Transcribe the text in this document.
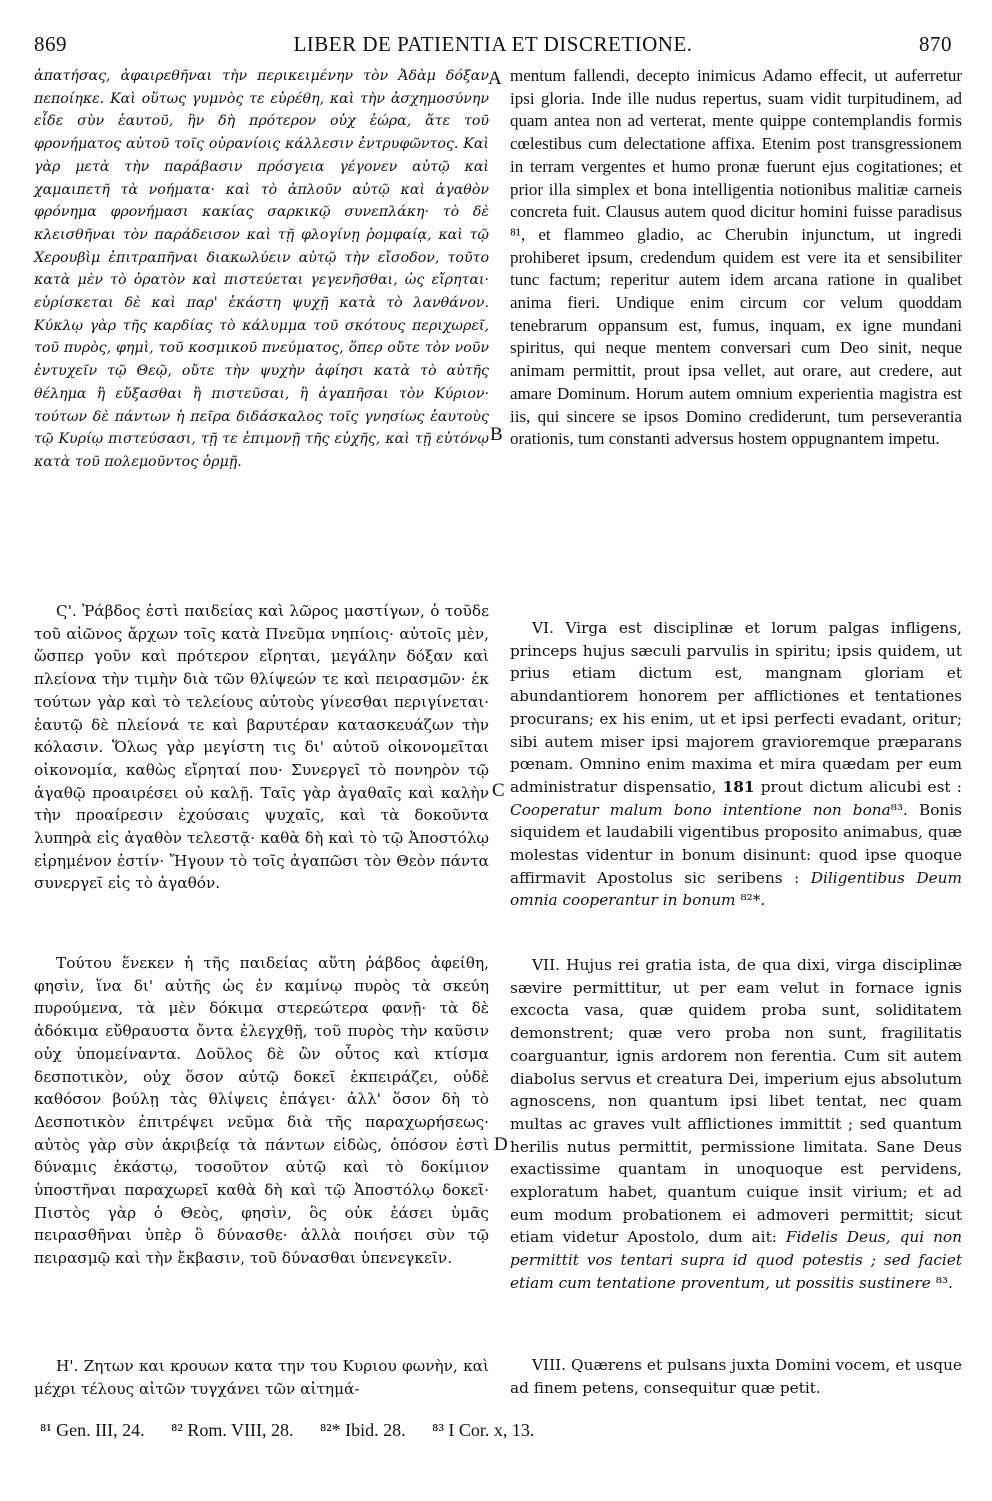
869	LIBER DE PATIENTIA ET DISCRETIONE.	870
A
B
C
D

ἀπατήσας, ἀφαιρεθῆναι τὴν περικειμένην τὸν Ἀδὰμ δόξαν πεποίηκε. Καὶ οὕτως γυμνὸς τε εὑρέθη, καὶ τὴν ἀσχημοσύνην εἶδε σὺν ἑαυτοῦ, ἣν δὴ πρότερον οὐχ ἑώρα, ἅτε τοῦ φρονήματος αὐτοῦ τοῖς οὐρανίοις κάλλεσιν ἐντρυφῶντος. Καὶ γὰρ μετὰ τὴν παράβασιν πρόσγεια γέγονεν αὐτῷ καὶ χαμαιπετῆ τὰ νοήματα· καὶ τὸ ἁπλοῦν αὐτῷ καὶ ἀγαθὸν φρόνημα φρονήμασι κακίας σαρκικῷ συνεπλάκη· τὸ δὲ κλεισθῆναι τὸν παράδεισον καὶ τῇ φλογίνῃ ῥομφαίᾳ, καὶ τῷ Χερουβὶμ ἐπιτραπῆναι διακωλύειν αὐτῷ τὴν εἴσοδον, τοῦτο κατὰ μὲν τὸ ὁρατὸν καὶ πιστεύεται γεγενῆσθαι, ὡς εἴρηται· εὑρίσκεται δὲ καὶ παρ' ἑκάστη ψυχῇ κατὰ τὸ λανθάνον. Κύκλῳ γὰρ τῆς καρδίας τὸ κάλυμμα τοῦ σκότους περιχωρεῖ, τοῦ πυρὸς, φημὶ, τοῦ κοσμικοῦ πνεύματος, ὅπερ οὔτε τὸν νοῦν ἐντυχεῖν τῷ Θεῷ, οὔτε τὴν ψυχὴν ἀφίησι κατὰ τὸ αὐτῆς θέλημα ἢ εὔξασθαι ἢ πιστεῦσαι, ἢ ἀγαπῆσαι τὸν Κύριον· τούτων δὲ πάντων ἡ πεῖρα διδάσκαλος τοῖς γνησίως ἑαυτοὺς τῷ Κυρίῳ πιστεύσασι, τῇ τε ἐπιμονῇ τῆς εὐχῆς, καὶ τῇ εὐτόνῳ κατὰ τοῦ πολεμοῦντος ὁρμῇ.

Ϛ'. Ῥάβδος ἐστὶ παιδείας καὶ λῶρος μαστίγων, ὁ τοῦδε τοῦ αἰῶνος ἄρχων τοῖς κατὰ Πνεῦμα νηπίοις· αὐτοῖς μὲν, ὥσπερ γοῦν καὶ πρότερον εἴρηται, μεγάλην δόξαν καὶ πλείονα τὴν τιμὴν διὰ τῶν θλίψεών τε καὶ πειρασμῶν· ἐκ τούτων γὰρ καὶ τὸ τελείους αὐτοὺς γίνεσθαι περιγίνεται· ἑαυτῷ δὲ πλείονά τε καὶ βαρυτέραν κατασκευάζων τὴν κόλασιν. Ὅλως γὰρ μεγίστη τις δι' αὐτοῦ οἰκονομεῖται οἰκονομία, καθὼς εἴρηταί που· Συνεργεῖ τὸ πονηρὸν τῷ ἀγαθῷ προαιρέσει οὐ καλῇ. Ταῖς γὰρ ἀγαθαῖς καὶ καλὴν τὴν προαίρεσιν ἐχούσαις ψυχαῖς, καὶ τὰ δοκοῦντα λυπηρὰ εἰς ἀγαθὸν τελεστᾷ· καθὰ δὴ καὶ τὸ τῷ Ἀποστόλῳ εἰρημένον ἐστίν· Ἤγουν τὸ τοῖς ἀγαπῶσι τὸν Θεὸν πάντα συνεργεῖ εἰς τὸ ἀγαθόν.

Τούτου ἕνεκεν ἡ τῆς παιδείας αὕτη ῥάβδος ἀφείθη, φησὶν, ἵνα δι' αὐτῆς ὡς ἐν καμίνῳ πυρὸς τὰ σκεύη πυρούμενα, τὰ μὲν δόκιμα στερεώτερα φανῇ· τὰ δὲ ἀδόκιμα εὔθραυστα ὄντα ἐλεγχθῇ, τοῦ πυρὸς τὴν καῦσιν οὐχ ὑπομείναντα. Δοῦλος δὲ ὢν οὗτος καὶ κτίσμα δεσποτικὸν, οὐχ ὅσον αὐτῷ δοκεῖ ἐκπειράζει, οὐδὲ καθόσον βούλῃ τὰς θλίψεις ἐπάγει· ἀλλ' ὅσον δὴ τὸ Δεσποτικὸν ἐπιτρέψει νεῦμα διὰ τῆς παραχωρήσεως· αὐτὸς γὰρ σὺν ἀκριβείᾳ τὰ πάντων εἰδὼς, ὁπόσον ἐστὶ δύναμις ἑκάστῳ, τοσοῦτον αὐτῷ καὶ τὸ δοκίμιον ὑποστῆναι παραχωρεῖ καθὰ δὴ καὶ τῷ Ἀποστόλῳ δοκεῖ· Πιστὸς γὰρ ὁ Θεὸς, φησὶν, ὃς οὐκ ἐάσει ὑμᾶς πειρασθῆναι ὑπὲρ ὃ δύνασθε· ἀλλὰ ποιήσει σὺν τῷ πειρασμῷ καὶ τὴν ἔκβασιν, τοῦ δύνασθαι ὑπενεγκεῖν.

Η'. Ζητων και κρουων κατα την του Κυριου φωνὴν, καὶ μέχρι τέλους αἰτῶν τυγχάνει τῶν αἰτημά-

mentum fallendi, decepto inimicus Adamo effecit, ut auferretur ipsi gloria. Inde ille nudus repertus, suam vidit turpitudinem, ad quam antea non ad verterat, mente quippe contemplandis formis cœlestibus cum delectatione affixa. Etenim post transgressionem in terram vergentes et humo pronæ fuerunt ejus cogitationes; et prior illa simplex et bona intelligentia notionibus malitiæ carneis concreta fuit. Clausus autem quod dicitur homini fuisse paradisus ⁸¹, et flammeo gladio, ac Cherubin injunctum, ut ingredi prohiberet ipsum, credendum quidem est vere ita et sensibiliter tunc factum; reperitur autem idem arcana ratione in qualibet anima fieri. Undique enim circum cor velum quoddam tenebrarum oppansum est, fumus, inquam, ex igne mundani spiritus, qui neque mentem conversari cum Deo sinit, neque animam permittit, prout ipsa vellet, aut orare, aut credere, aut amare Dominum. Horum autem omnium experientia magistra est iis, qui sincere se ipsos Domino crediderunt, tum perseverantia orationis, tum constanti adversus hostem oppugnantem impetu.

VI. Virga est disciplinæ et lorum palgas infligens, princeps hujus sæculi parvulis in spiritu; ipsis quidem, ut prius etiam dictum est, mangnam gloriam et abundantiorem honorem per afflictiones et tentationes procurans; ex his enim, ut et ipsi perfecti evadant, oritur; sibi autem miser ipsi majorem gravioremque præparans pœnam. Omnino enim maxima et mira quædam per eum administratur dispensatio, 181 prout dictum alicubi est : Cooperatur malum bono intentione non bona⁸³. Bonis siquidem et laudabili vigentibus proposito animabus, quæ molestas videntur in bonum disinunt: quod ipse quoque affirmavit Apostolus sic seribens : Diligentibus Deum omnia cooperantur in bonum ⁸²*.

VII. Hujus rei gratia ista, de qua dixi, virga disciplinæ sævire permittitur, ut per eam velut in fornace ignis excocta vasa, quæ quidem proba sunt, soliditatem demonstrent; quæ vero proba non sunt, fragilitatis coarguantur, ignis ardorem non ferentia. Cum sit autem diabolus servus et creatura Dei, imperium ejus absolutum agnoscens, non quantum ipsi libet tentat, nec quam multas ac graves vult afflictiones immittit ; sed quantum herilis nutus permittit, permissione limitata. Sane Deus exactissime quantam in unoquoque est pervidens, exploratum habet, quantum cuique insit virium; et ad eum modum probationem ei admoveri permittit; sicut etiam videtur Apostolo, dum ait: Fidelis Deus, qui non permittit vos tentari supra id quod potestis ; sed faciet etiam cum tentatione proventum, ut possitis sustinere ⁸³.

VIII. Quærens et pulsans juxta Domini vocem, et usque ad finem petens, consequitur quæ petit.

⁸¹ Gen. III, 24. ⁸² Rom. VIII, 28. ⁸²* Ibid. 28. ⁸³ I Cor. x, 13.
